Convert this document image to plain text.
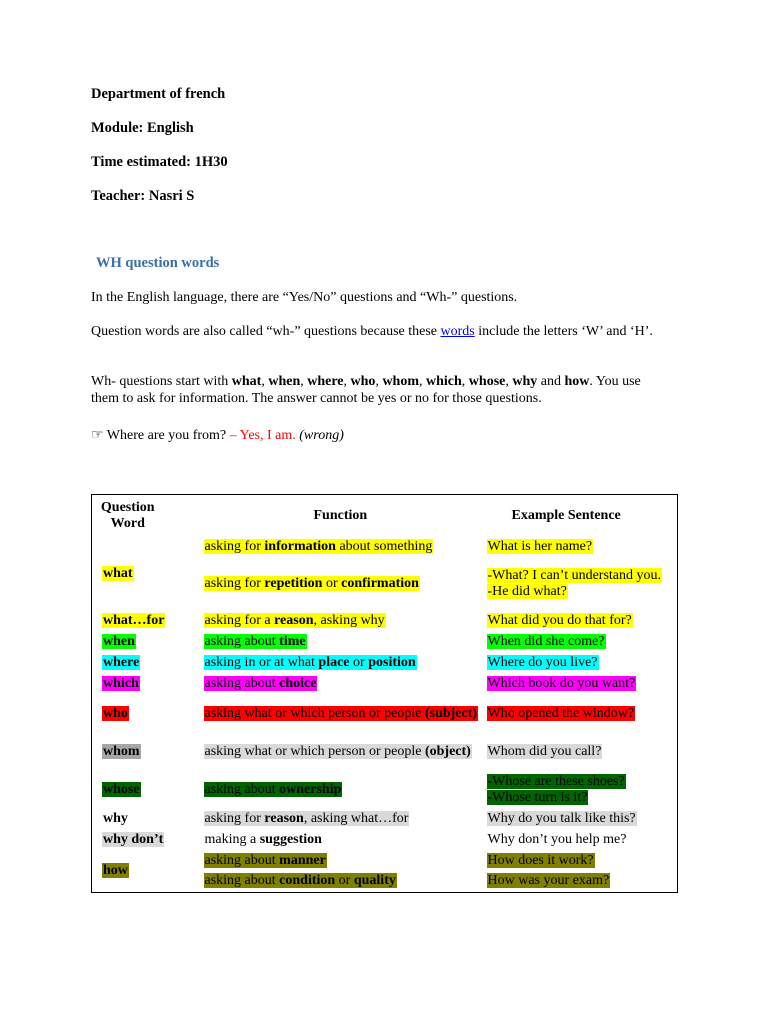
Department of french
Module: English
Time estimated: 1H30
Teacher: Nasri S
WH question words
In the English language, there are “Yes/No” questions and “Wh-” questions.
Question words are also called “wh-” questions because these words include the letters ‘W’ and ‘H’.
Wh- questions start with what, when, where, who, whom, which, whose, why and how. You use them to ask for information. The answer cannot be yes or no for those questions.
☞ Where are you from? – Yes, I am. (wrong)
Question Word	Function	Example Sentence
what	asking for information about something	What is her name?
	asking for repetition or confirmation	-What? I can’t understand you.
-He did what?
what…for	asking for a reason, asking why	What did you do that for?
when	asking about time	When did she come?
where	asking in or at what place or position	Where do you live?
which	asking about choice	Which book do you want?
who	asking what or which person or people (subject)	Who opened the window?
whom	asking what or which person or people (object)	Whom did you call?
whose	asking about ownership	-Whose are these shoes?
-Whose turn is it?
why	asking for reason, asking what…for	Why do you talk like this?
why don’t	making a suggestion	Why don’t you help me?
how	asking about manner	How does it work?
	asking about condition or quality	How was your exam?
